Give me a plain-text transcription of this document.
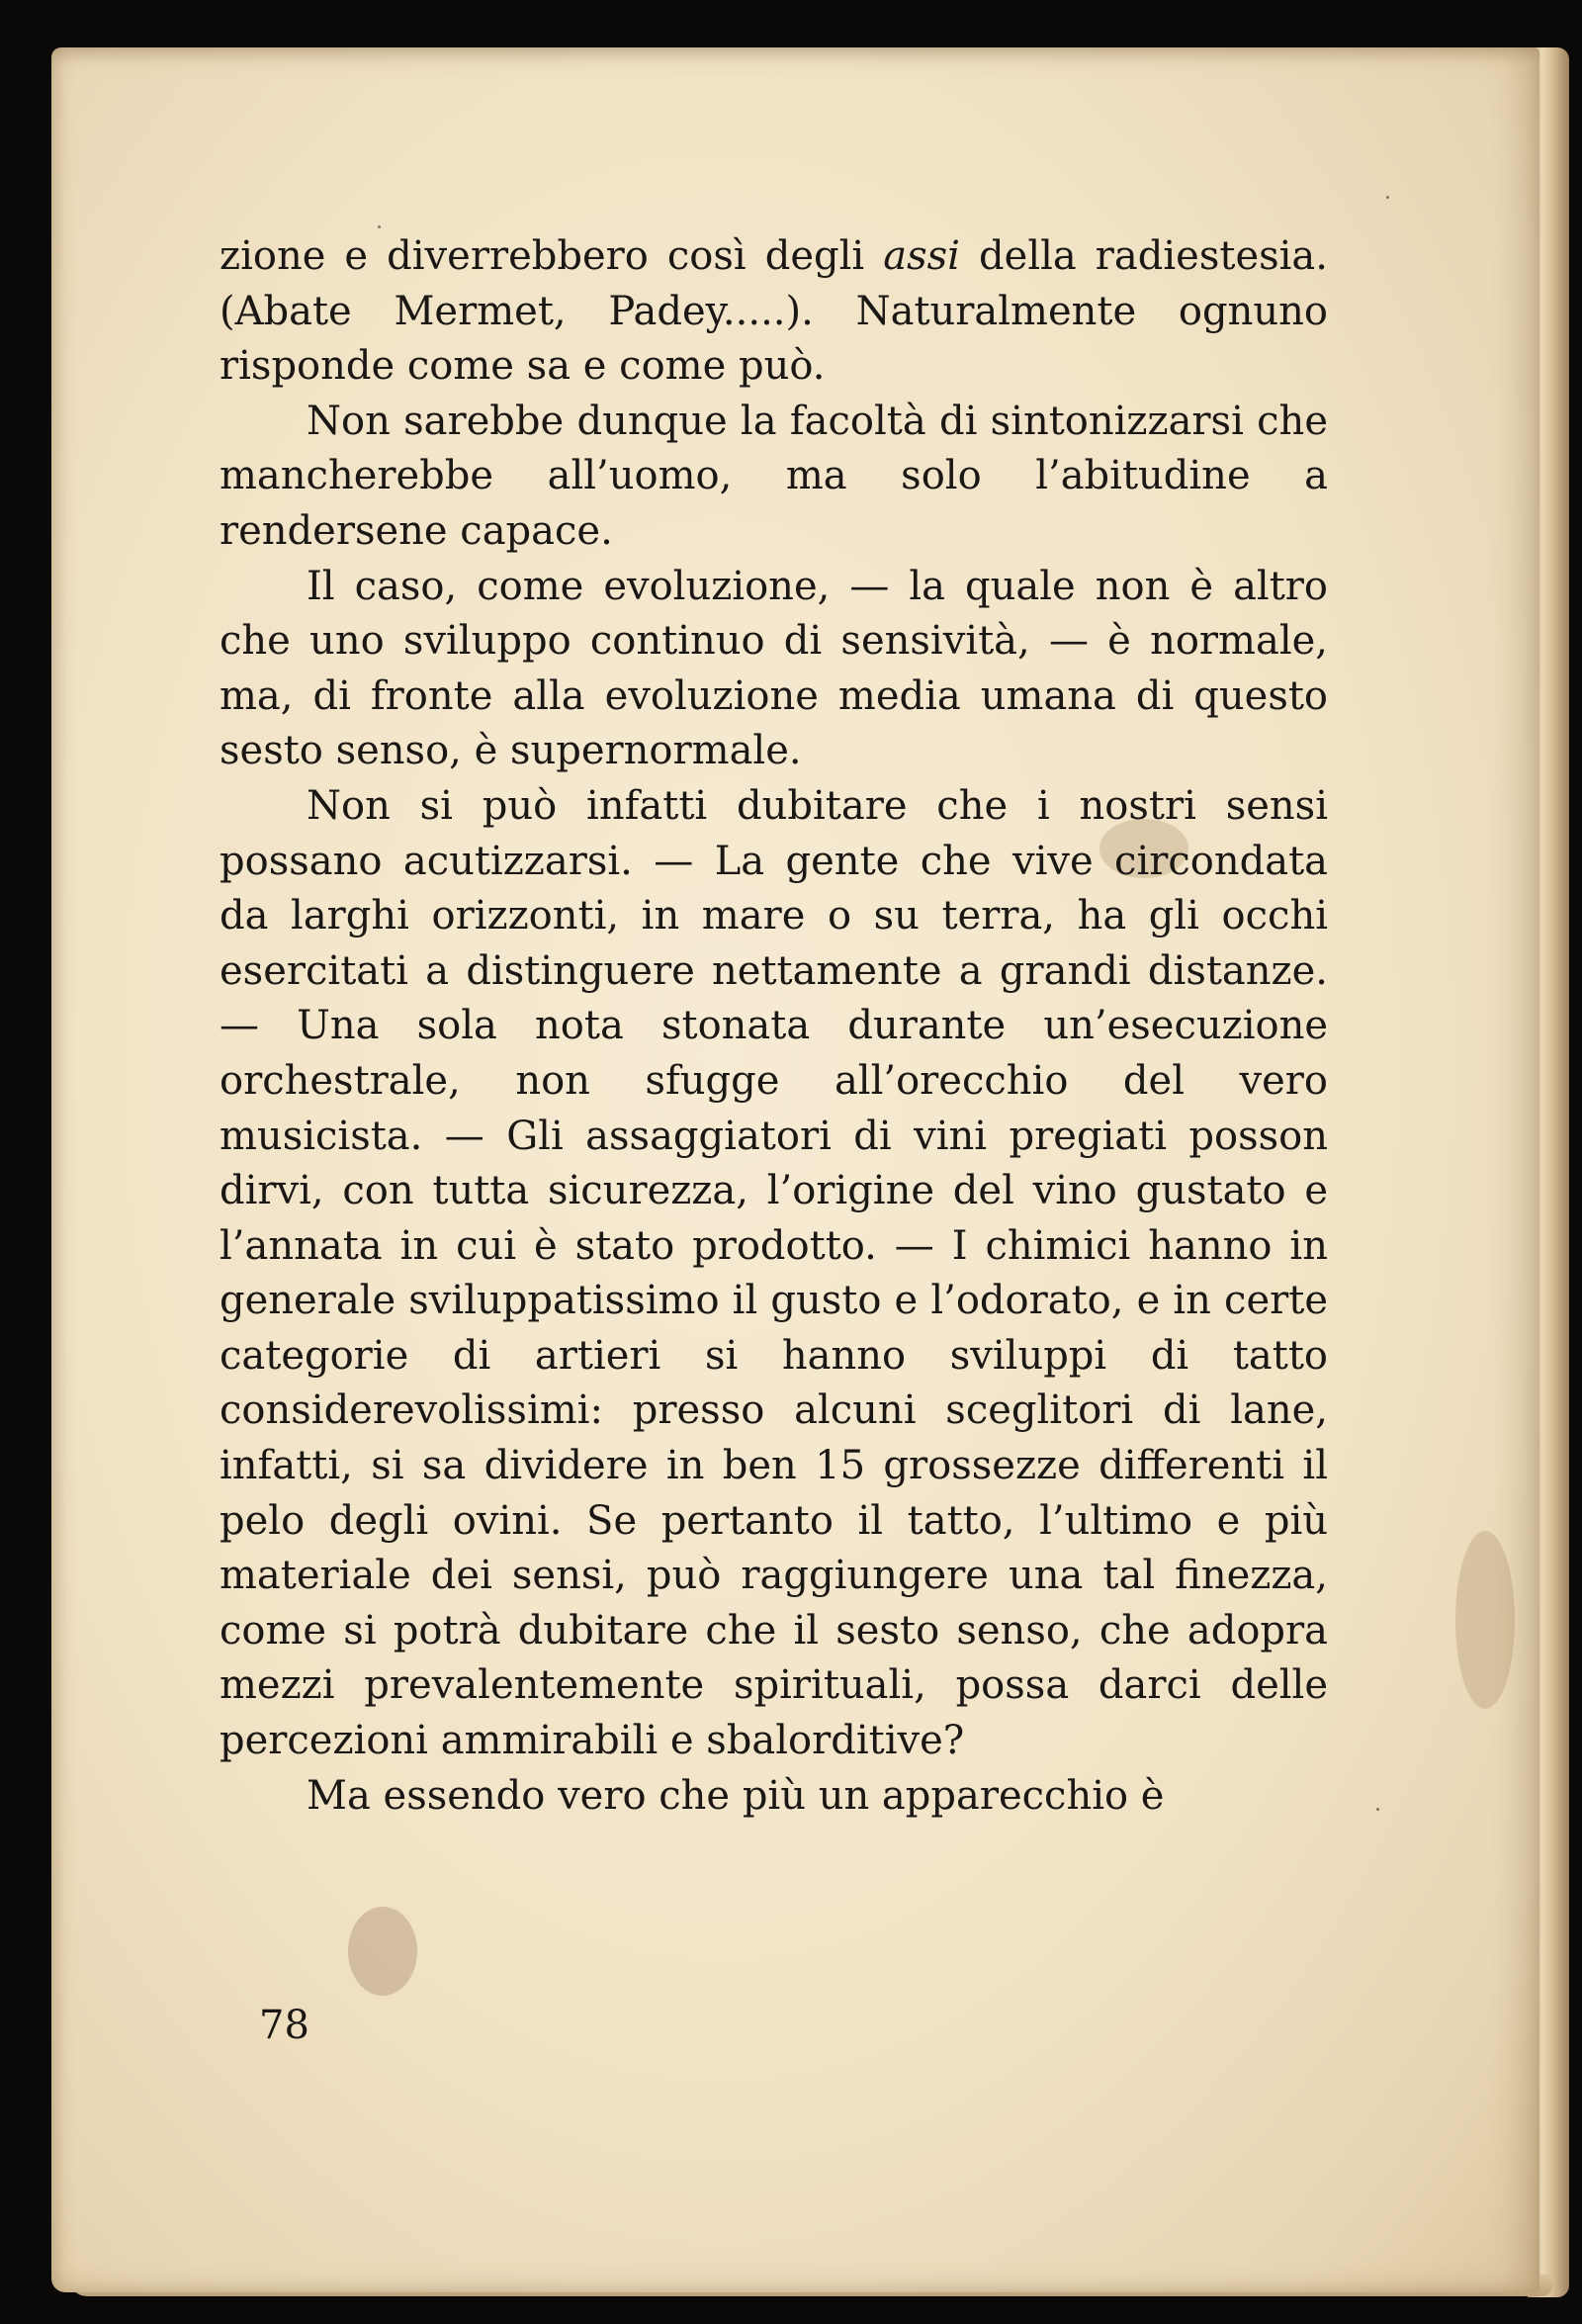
zione e diverrebbero così degli assi della radiestesia. (Abate Mermet, Padey.....). Naturalmente ognuno risponde come sa e come può.

Non sarebbe dunque la facoltà di sintonizzarsi che mancherebbe all’uomo, ma solo l’abitudine a rendersene capace.

Il caso, come evoluzione, — la quale non è altro che uno sviluppo continuo di sensività, — è normale, ma, di fronte alla evoluzione media umana di questo sesto senso, è supernormale.

Non si può infatti dubitare che i nostri sensi possano acutizzarsi. — La gente che vive circondata da larghi orizzonti, in mare o su terra, ha gli occhi esercitati a distinguere nettamente a grandi distanze. — Una sola nota stonata durante un’esecuzione orchestrale, non sfugge all’orecchio del vero musicista. — Gli assaggiatori di vini pregiati posson dirvi, con tutta sicurezza, l’origine del vino gustato e l’annata in cui è stato prodotto. — I chimici hanno in generale sviluppatissimo il gusto e l’odorato, e in certe categorie di artieri si hanno sviluppi di tatto considerevolissimi: presso alcuni sceglitori di lane, infatti, si sa dividere in ben 15 grossezze differenti il pelo degli ovini. Se pertanto il tatto, l’ultimo e più materiale dei sensi, può raggiungere una tal finezza, come si potrà dubitare che il sesto senso, che adopra mezzi prevalentemente spirituali, possa darci delle percezioni ammirabili e sbalorditive?

Ma essendo vero che più un apparecchio è

78
